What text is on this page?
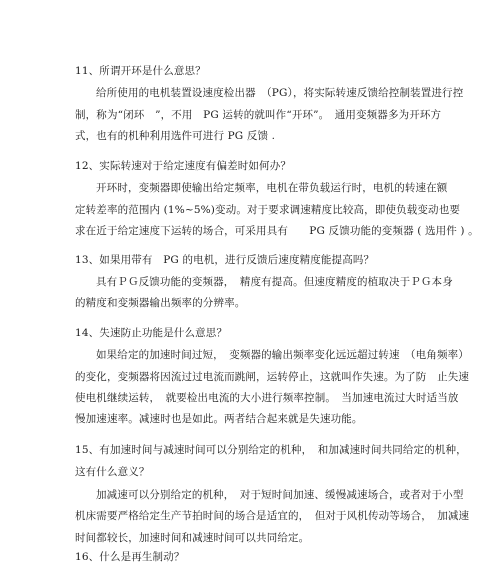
11、所谓开环是什么意思？
给所使用的电机装置设速度检出器　（PG），将实际转速反馈给控制装置进行控
制，称为“闭环　”，不用　PG 运转的就叫作“开环”。　通用变频器多为开环方
式，也有的机种利用选件可进行 PG 反馈 .
12、实际转速对于给定速度有偏差时如何办？
开环时，变频器即使输出给定频率，电机在带负载运行时，电机的转速在额
定转差率的范围内 (1%~5%)变动。对于要求调速精度比较高，即使负载变动也要
求在近于给定速度下运转的场合，可采用具有　　PG 反馈功能的变频器 ( 选用件 ) 。
13、如果用带有　PG 的电机，进行反馈后速度精度能提高吗？
具有ＰＧ反馈功能的变频器，　精度有提高。但速度精度的植取决于ＰＧ本身
的精度和变频器输出频率的分辨率。
14、失速防止功能是什么意思？
如果给定的加速时间过短，　变频器的输出频率变化远远超过转速　（电角频率）
的变化，变频器将因流过过电流而跳闸，运转停止，这就叫作失速。为了防　止失速
使电机继续运转，　就要检出电流的大小进行频率控制。　当加速电流过大时适当放
慢加速速率。减速时也是如此。两者结合起来就是失速功能。
15、有加速时间与减速时间可以分别给定的机种，　和加减速时间共同给定的机种，
这有什么意义？
加减速可以分别给定的机种，　对于短时间加速、缓慢减速场合，或者对于小型
机床需要严格给定生产节拍时间的场合是适宜的，　但对于风机传动等场合，　加减速
时间都较长，加速时间和减速时间可以共同给定。
16、什么是再生制动？
